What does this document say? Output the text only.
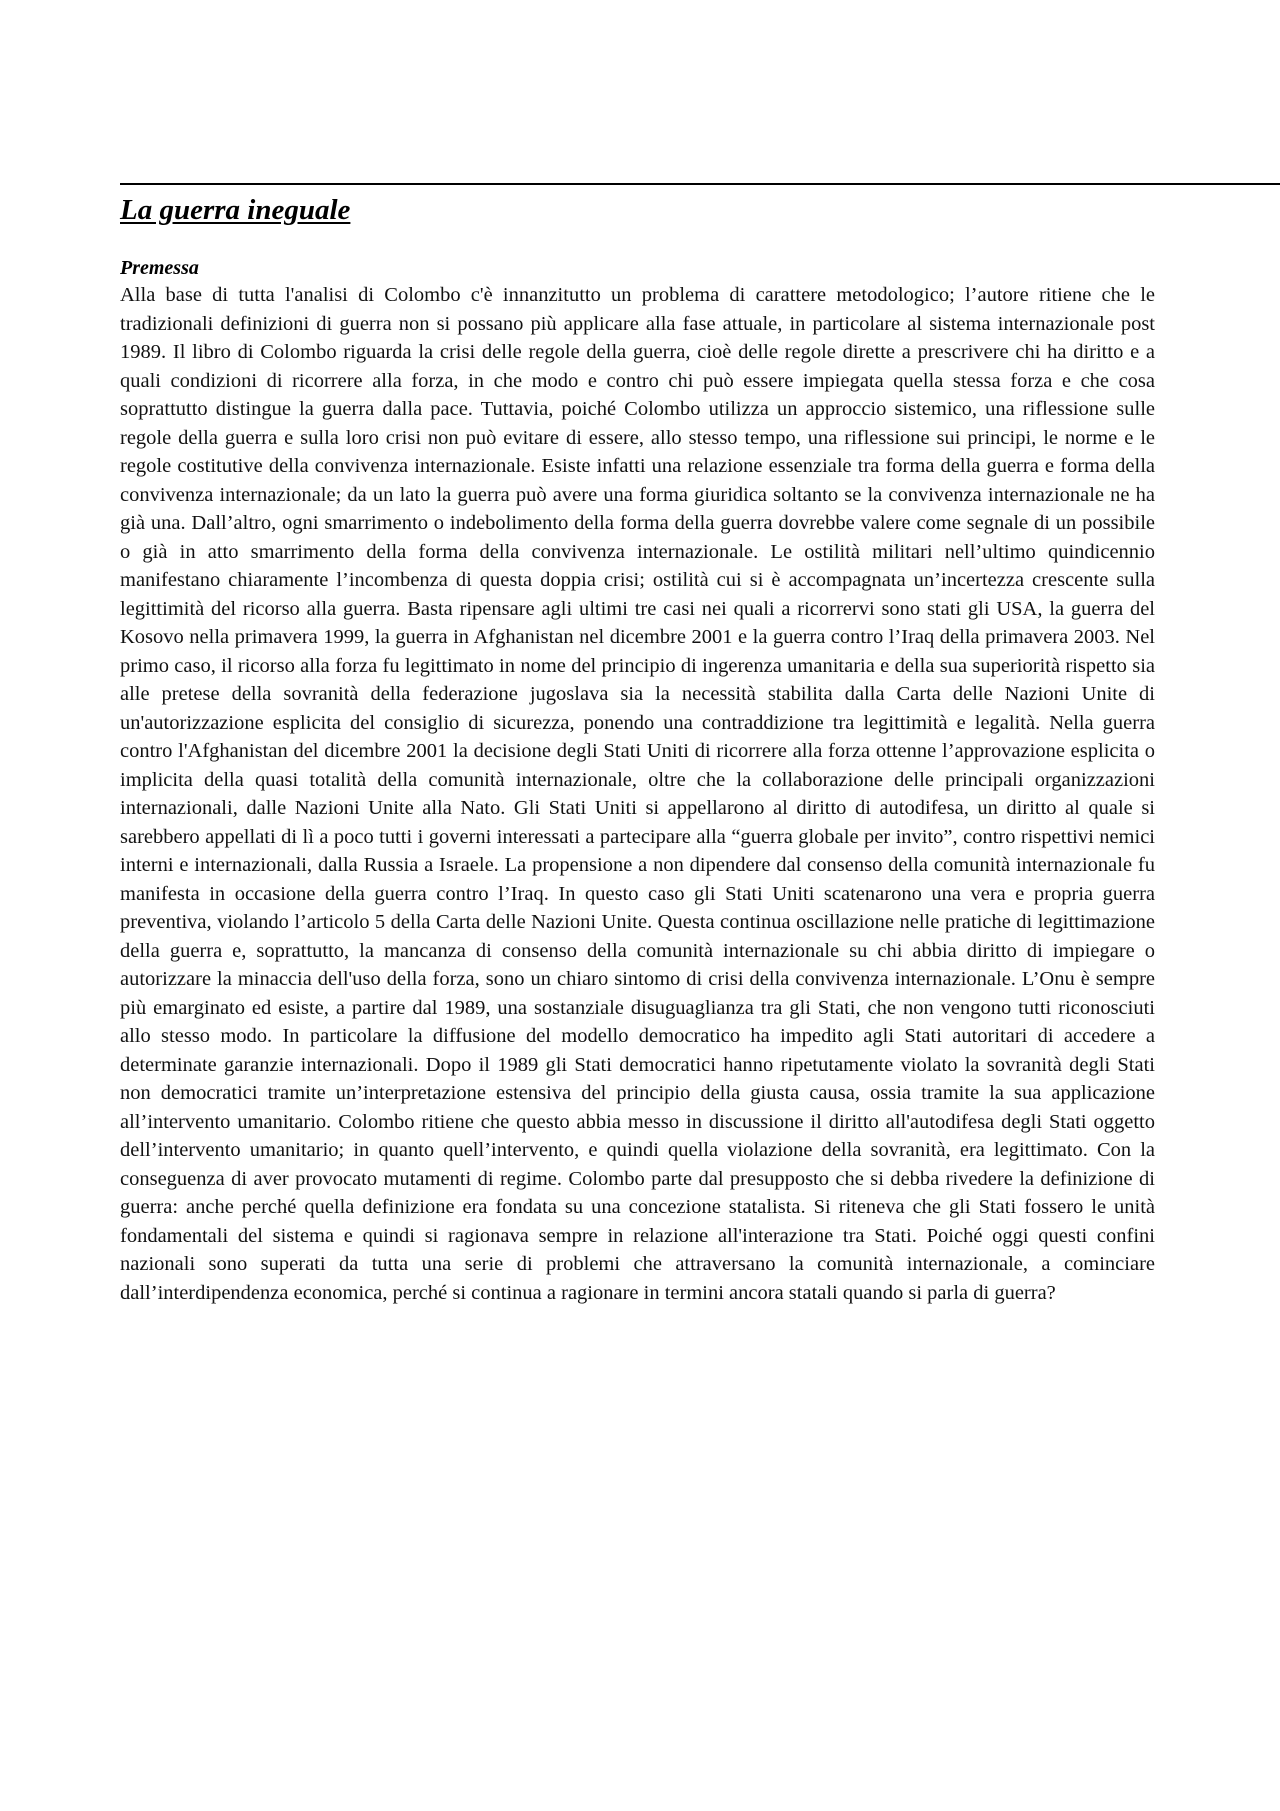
La guerra ineguale
Premessa

Alla base di tutta l'analisi di Colombo c'è innanzitutto un problema di carattere metodologico; l’autore ritiene che le tradizionali definizioni di guerra non si possano più applicare alla fase attuale, in particolare al sistema internazionale post 1989. Il libro di Colombo riguarda la crisi delle regole della guerra, cioè delle regole dirette a prescrivere chi ha diritto e a quali condizioni di ricorrere alla forza, in che modo e contro chi può essere impiegata quella stessa forza e che cosa soprattutto distingue la guerra dalla pace. Tuttavia, poiché Colombo utilizza un approccio sistemico, una riflessione sulle regole della guerra e sulla loro crisi non può evitare di essere, allo stesso tempo, una riflessione sui principi, le norme e le regole costitutive della convivenza internazionale. Esiste infatti una relazione essenziale tra forma della guerra e forma della convivenza internazionale; da un lato la guerra può avere una forma giuridica soltanto se la convivenza internazionale ne ha già una. Dall’altro, ogni smarrimento o indebolimento della forma della guerra dovrebbe valere come segnale di un possibile o già in atto smarrimento della forma della convivenza internazionale. Le ostilità militari nell’ultimo quindicennio manifestano chiaramente l’incombenza di questa doppia crisi; ostilità cui si è accompagnata un’incertezza crescente sulla legittimità del ricorso alla guerra. Basta ripensare agli ultimi tre casi nei quali a ricorrervi sono stati gli USA, la guerra del Kosovo nella primavera 1999, la guerra in Afghanistan nel dicembre 2001 e la guerra contro l’Iraq della primavera 2003. Nel primo caso, il ricorso alla forza fu legittimato in nome del principio di ingerenza umanitaria e della sua superiorità rispetto sia alle pretese della sovranità della federazione jugoslava sia la necessità stabilita dalla Carta delle Nazioni Unite di un'autorizzazione esplicita del consiglio di sicurezza, ponendo una contraddizione tra legittimità e legalità. Nella guerra contro l'Afghanistan del dicembre 2001 la decisione degli Stati Uniti di ricorrere alla forza ottenne l’approvazione esplicita o implicita della quasi totalità della comunità internazionale, oltre che la collaborazione delle principali organizzazioni internazionali, dalle Nazioni Unite alla Nato. Gli Stati Uniti si appellarono al diritto di autodifesa, un diritto al quale si sarebbero appellati di lì a poco tutti i governi interessati a partecipare alla “guerra globale per invito”, contro rispettivi nemici interni e internazionali, dalla Russia a Israele. La propensione a non dipendere dal consenso della comunità internazionale fu manifesta in occasione della guerra contro l’Iraq. In questo caso gli Stati Uniti scatenarono una vera e propria guerra preventiva, violando l’articolo 5 della Carta delle Nazioni Unite. Questa continua oscillazione nelle pratiche di legittimazione della guerra e, soprattutto, la mancanza di consenso della comunità internazionale su chi abbia diritto di impiegare o autorizzare la minaccia dell'uso della forza, sono un chiaro sintomo di crisi della convivenza internazionale. L’Onu è sempre più emarginato ed esiste, a partire dal 1989, una sostanziale disuguaglianza tra gli Stati, che non vengono tutti riconosciuti allo stesso modo. In particolare la diffusione del modello democratico ha impedito agli Stati autoritari di accedere a determinate garanzie internazionali. Dopo il 1989 gli Stati democratici hanno ripetutamente violato la sovranità degli Stati non democratici tramite un’interpretazione estensiva del principio della giusta causa, ossia tramite la sua applicazione all’intervento umanitario. Colombo ritiene che questo abbia messo in discussione il diritto all'autodifesa degli Stati oggetto dell’intervento umanitario; in quanto quell’intervento, e quindi quella violazione della sovranità, era legittimato. Con la conseguenza di aver provocato mutamenti di regime. Colombo parte dal presupposto che si debba rivedere la definizione di guerra: anche perché quella definizione era fondata su una concezione statalista. Si riteneva che gli Stati fossero le unità fondamentali del sistema e quindi si ragionava sempre in relazione all'interazione tra Stati. Poiché oggi questi confini nazionali sono superati da tutta una serie di problemi che attraversano la comunità internazionale, a cominciare dall’interdipendenza economica, perché si continua a ragionare in termini ancora statali quando si parla di guerra?
